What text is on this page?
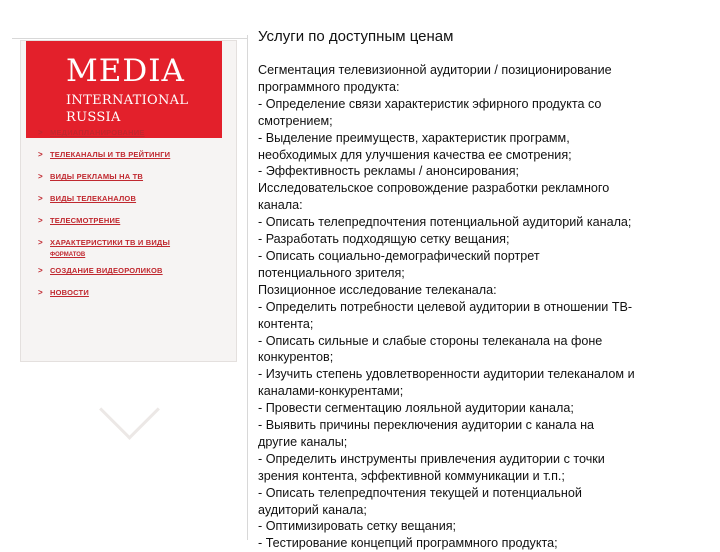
MEDIA
INTERNATIONAL
RUSSIA
> МЕДИАПЛАНИРОВАНИЕ
> ТЕЛЕКАНАЛЫ И ТВ РЕЙТИНГИ
> ВИДЫ РЕКЛАМЫ НА ТВ
> ВИДЫ ТЕЛЕКАНАЛОВ
> ТЕЛЕСМОТРЕНИЕ
> ХАРАКТЕРИСТИКИ ТВ И ВИДЫ
ФОРМАТОВ
> СОЗДАНИЕ ВИДЕОРОЛИКОВ
> НОВОСТИ
Услуги по доступным ценам
Сегментация телевизионной аудитории / позиционирование
программного продукта:
- Определение связи характеристик эфирного продукта со
смотрением;
- Выделение преимуществ, характеристик программ,
необходимых для улучшения качества ее смотрения;
- Эффективность рекламы / анонсирования;
Исследовательское сопровождение разработки рекламного
канала:
- Описать телепредпочтения потенциальной аудиторий канала;
- Разработать подходящую сетку вещания;
- Описать социально-демографический портрет
потенциального зрителя;
Позиционное исследование телеканала:
- Определить потребности целевой аудитории в отношении ТВ-
контента;
- Описать сильные и слабые стороны телеканала на фоне
конкурентов;
- Изучить степень удовлетворенности аудитории телеканалом и
каналами-конкурентами;
- Провести сегментацию лояльной аудитории канала;
- Выявить причины переключения аудитории с канала на
другие каналы;
- Определить инструменты привлечения аудитории с точки
зрения контента, эффективной коммуникации и т.п.;
- Описать телепредпочтения текущей и потенциальной
аудиторий канала;
- Оптимизировать сетку вещания;
- Тестирование концепций программного продукта;
